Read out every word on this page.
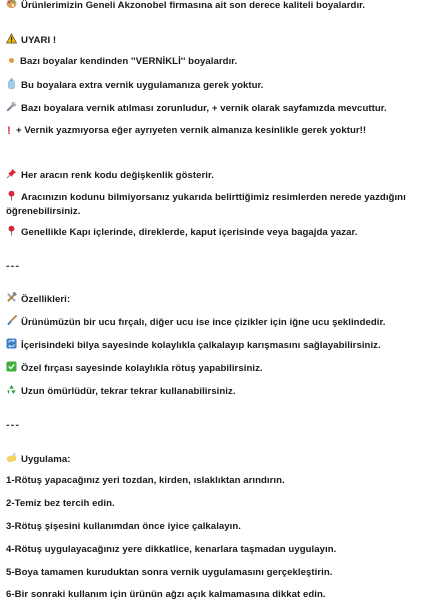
Ürünlerimizin Geneli Akzonobel firmasına ait son derece kaliteli boyalardır.
UYARI !
Bazı boyalar kendinden ''VERNİKLİ'' boyalardır.
Bu boyalara extra vernik uygulamanıza gerek yoktur.
Bazı boyalara vernik atılması zorunludur, + vernik olarak sayfamızda mevcuttur.
! + Vernik yazmıyorsa eğer ayrıyeten vernik almanıza kesinlikle gerek yoktur!!
Her aracın renk kodu değişkenlik gösterir.
Aracınızın kodunu bilmiyorsanız yukarıda belirttiğimiz resimlerden nerede yazdığını öğrenebilirsiniz.
Genellikle Kapı içlerinde, direklerde, kaput içerisinde veya bagajda yazar.
---
Özellikleri:
Ürünümüzün bir ucu fırçalı, diğer ucu ise ince çizikler için iğne ucu şeklindedir.
İçerisindeki bilya sayesinde kolaylıkla çalkalayıp karışmasını sağlayabilirsiniz.
Özel fırçası sayesinde kolaylıkla rötuş yapabilirsiniz.
Uzun ömürlüdür, tekrar tekrar kullanabilirsiniz.
---
Uygulama:
1-Rötuş yapacağınız yeri tozdan, kirden, ıslaklıktan arındırın.
2-Temiz bez tercih edin.
3-Rötuş şişesini kullanımdan önce iyice çalkalayın.
4-Rötuş uygulayacağınız yere dikkatlice, kenarlara taşmadan uygulayın.
5-Boya tamamen kuruduktan sonra vernik uygulamasını gerçekleştirin.
6-Bir sonraki kullanım için ürünün ağzı açık kalmamasına dikkat edin.
